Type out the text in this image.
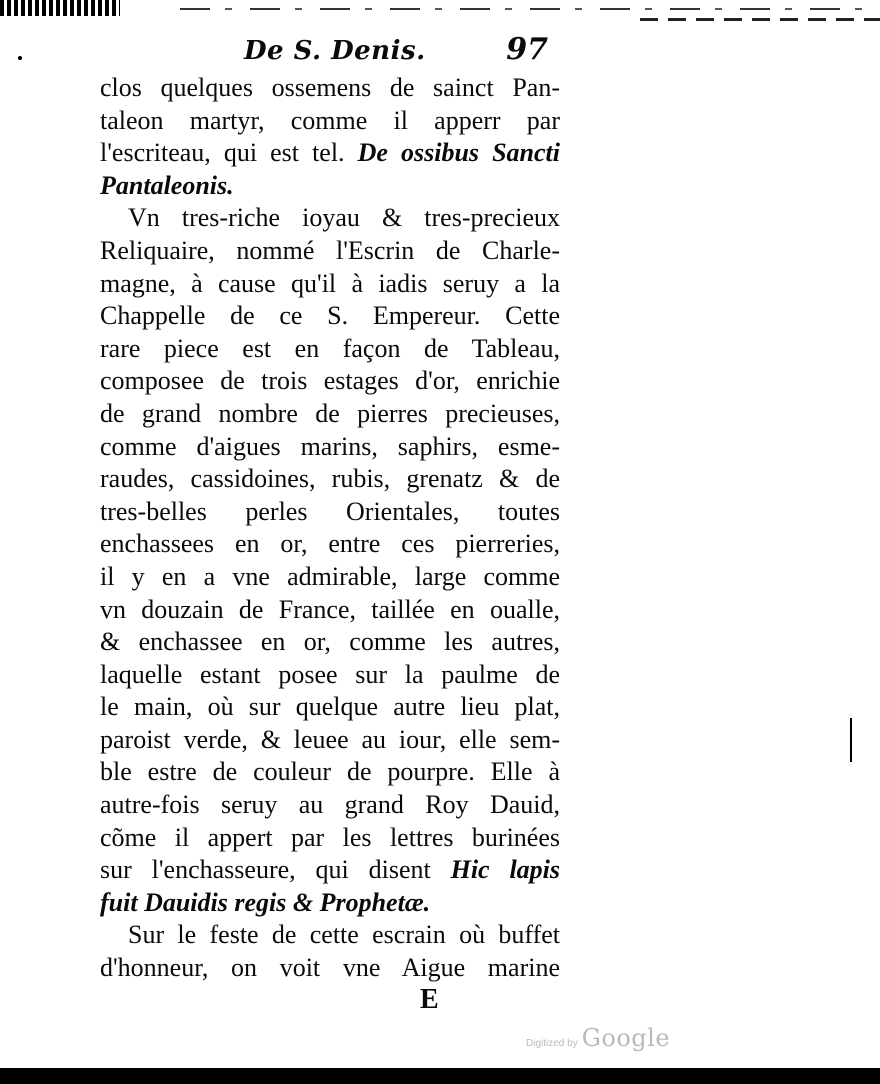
De S. Denis.	97
clos quelques ossemens de sainct Pan-
taleon martyr, comme il apperr par
l'escriteau, qui est tel. De ossibus Sancti
Pantaleonis.
Vn tres-riche ioyau & tres-precieux
Reliquaire, nommé l'Escrin de Charle-
magne, à cause qu'il à iadis seruy a la
Chappelle de ce S. Empereur. Cette
rare piece est en façon de Tableau,
composee de trois estages d'or, enrichie
de grand nombre de pierres precieuses,
comme d'aigues marins, saphirs, esme-
raudes, cassidoines, rubis, grenatz & de
tres-belles perles Orientales, toutes
enchassees en or, entre ces pierreries,
il y en a vne admirable, large comme
vn douzain de France, taillée en oualle,
& enchassee en or, comme les autres,
laquelle estant posee sur la paulme de
le main, où sur quelque autre lieu plat,
paroist verde, & leuee au iour, elle sem-
ble estre de couleur de pourpre. Elle à
autre-fois seruy au grand Roy Dauid,
cõme il appert par les lettres burinées
sur l'enchasseure, qui disent Hic lapis
fuit Dauidis regis & Prophetæ.
Sur le feste de cette escrain où buffet
d'honneur, on voit vne Aigue marine
E
Digitized by Google
